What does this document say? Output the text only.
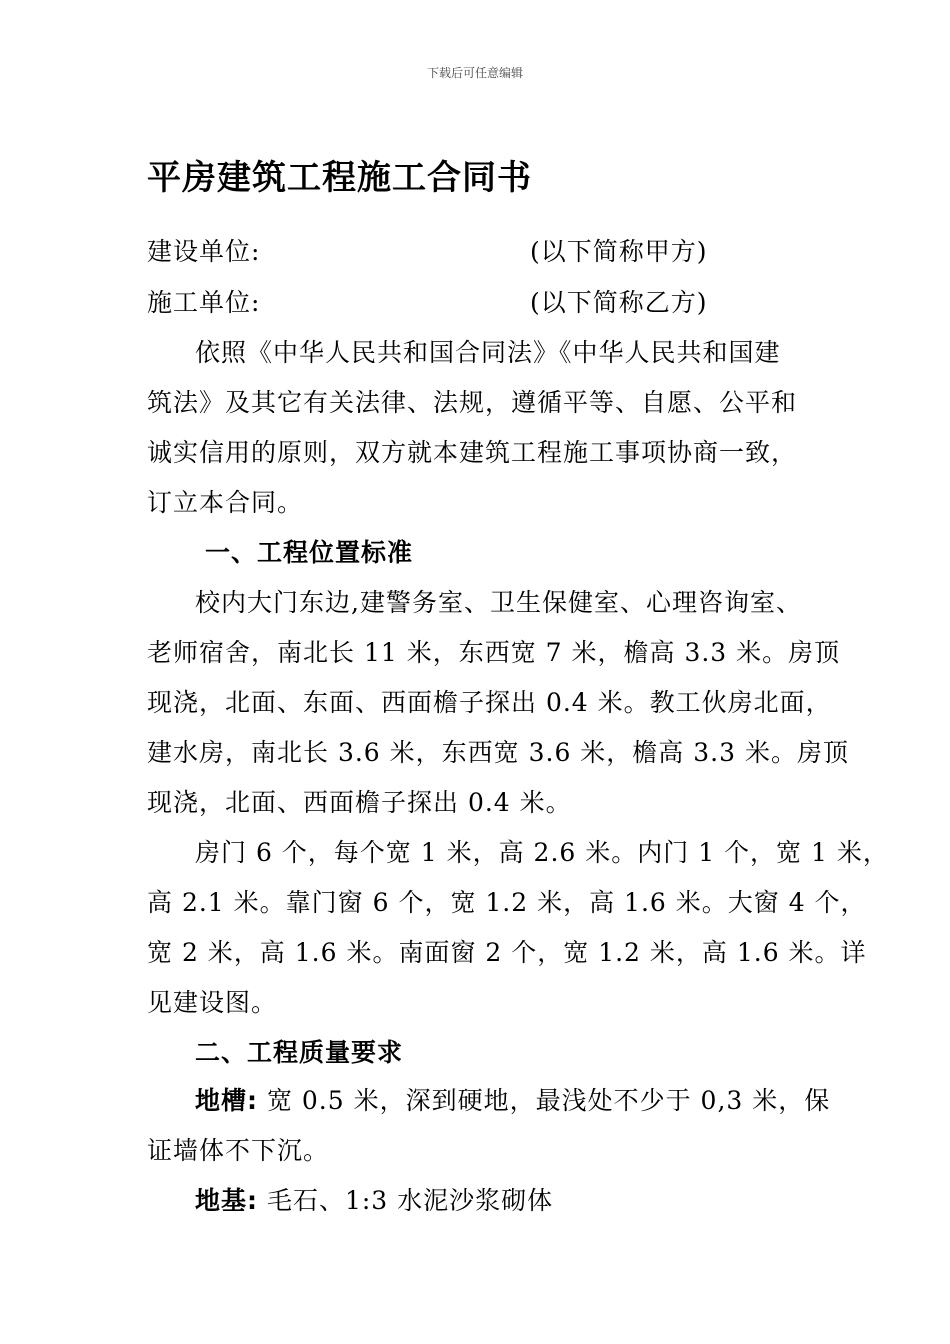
下载后可任意编辑
平房建筑工程施工合同书
建设单位:	(以下简称甲方)
施工单位:	(以下简称乙方)
依照《中华人民共和国合同法》《中华人民共和国建
筑法》及其它有关法律、法规，遵循平等、自愿、公平和
诚实信用的原则，双方就本建筑工程施工事项协商一致，
订立本合同。
一、工程位置标准
校内大门东边,建警务室、卫生保健室、心理咨询室、
老师宿舍，南北长 11 米，东西宽 7 米，檐高 3.3 米。房顶
现浇，北面、东面、西面檐子探出 0.4 米。教工伙房北面，
建水房，南北长 3.6 米，东西宽 3.6 米，檐高 3.3 米。房顶
现浇，北面、西面檐子探出 0.4 米。
房门 6 个，每个宽 1 米，高 2.6 米。内门 1 个，宽 1 米，
高 2.1 米。靠门窗 6 个，宽 1.2 米，高 1.6 米。大窗 4 个，
宽 2 米，高 1.6 米。南面窗 2 个，宽 1.2 米，高 1.6 米。详
见建设图。
二、工程质量要求
地槽: 宽 0.5 米，深到硬地，最浅处不少于 0,3 米，保
证墙体不下沉。
地基: 毛石、1:3 水泥沙浆砌体
